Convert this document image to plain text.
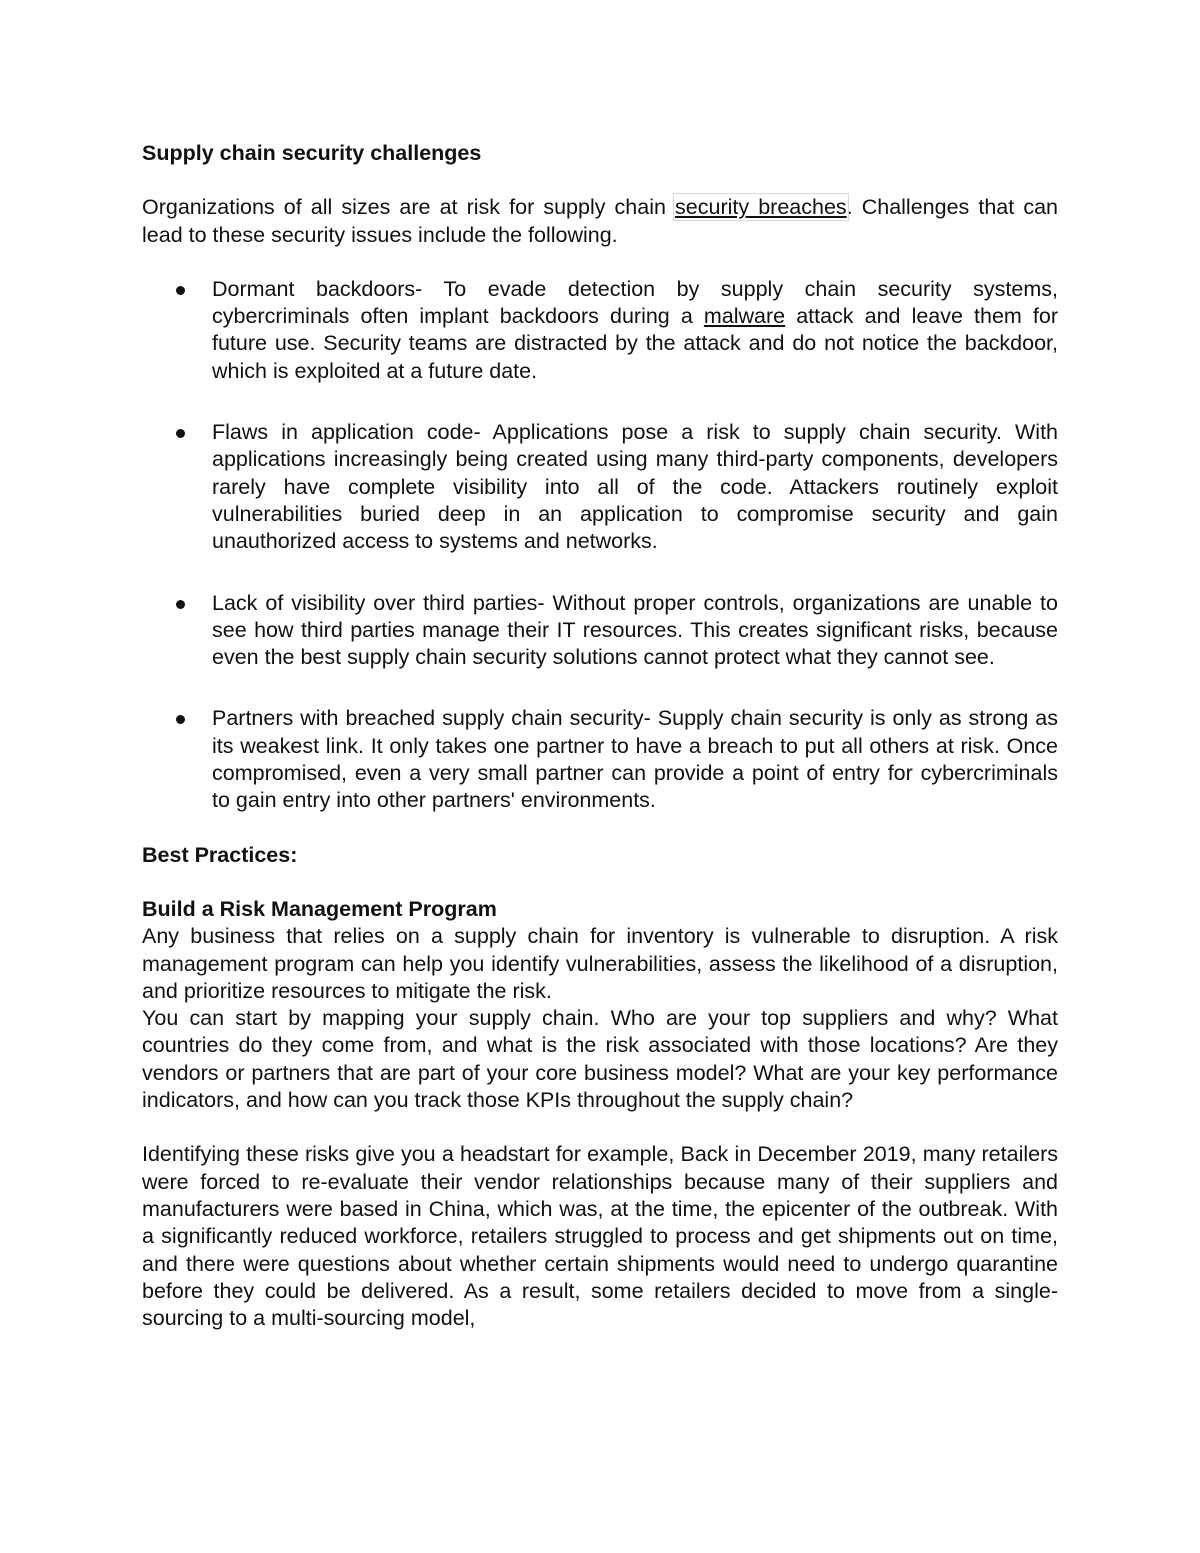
Supply chain security challenges

Organizations of all sizes are at risk for supply chain security breaches. Challenges that can lead to these security issues include the following.

Dormant backdoors- To evade detection by supply chain security systems, cybercriminals often implant backdoors during a malware attack and leave them for future use. Security teams are distracted by the attack and do not notice the backdoor, which is exploited at a future date.
Flaws in application code- Applications pose a risk to supply chain security. With applications increasingly being created using many third-party components, developers rarely have complete visibility into all of the code. Attackers routinely exploit vulnerabilities buried deep in an application to compromise security and gain unauthorized access to systems and networks.
Lack of visibility over third parties- Without proper controls, organizations are unable to see how third parties manage their IT resources. This creates significant risks, because even the best supply chain security solutions cannot protect what they cannot see.
Partners with breached supply chain security- Supply chain security is only as strong as its weakest link. It only takes one partner to have a breach to put all others at risk. Once compromised, even a very small partner can provide a point of entry for cybercriminals to gain entry into other partners' environments.

Best Practices:

Build a Risk Management Program

Any business that relies on a supply chain for inventory is vulnerable to disruption. A risk management program can help you identify vulnerabilities, assess the likelihood of a disruption, and prioritize resources to mitigate the risk.

You can start by mapping your supply chain. Who are your top suppliers and why? What countries do they come from, and what is the risk associated with those locations? Are they vendors or partners that are part of your core business model? What are your key performance indicators, and how can you track those KPIs throughout the supply chain?

Identifying these risks give you a headstart for example, Back in December 2019, many retailers were forced to re-evaluate their vendor relationships because many of their suppliers and manufacturers were based in China, which was, at the time, the epicenter of the outbreak. With a significantly reduced workforce, retailers struggled to process and get shipments out on time, and there were questions about whether certain shipments would need to undergo quarantine before they could be delivered. As a result, some retailers decided to move from a single-sourcing to a multi-sourcing model,
